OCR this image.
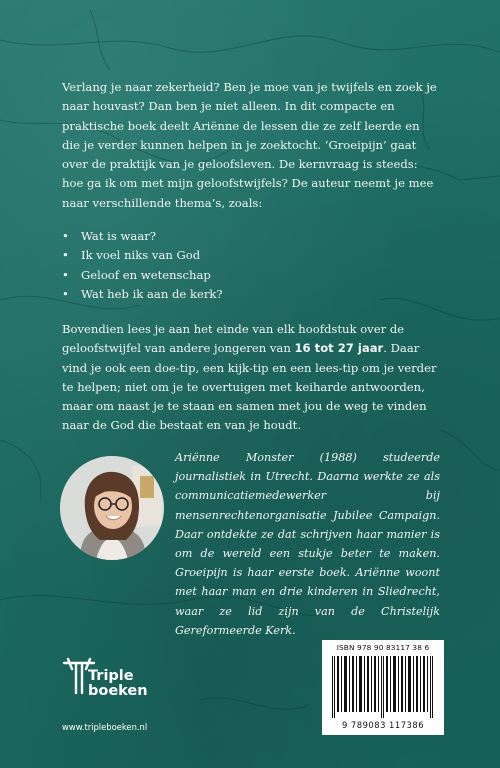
Verlang je naar zekerheid? Ben je moe van je twijfels en zoek je naar houvast? Dan ben je niet alleen. In dit compacte en praktische boek deelt Ariënne de lessen die ze zelf leerde en die je verder kunnen helpen in je zoektocht. ‘Groeipijn’ gaat over de praktijk van je geloofsleven. De kernvraag is steeds: hoe ga ik om met mijn geloofstwijfels? De auteur neemt je mee naar verschillende thema’s, zoals:

• Wat is waar?
• Ik voel niks van God
• Geloof en wetenschap
• Wat heb ik aan de kerk?

Bovendien lees je aan het einde van elk hoofdstuk over de geloofstwijfel van andere jongeren van 16 tot 27 jaar. Daar vind je ook een doe-tip, een kijk-tip en een lees-tip om je verder te helpen; niet om je te overtuigen met keiharde antwoorden, maar om naast je te staan en samen met jou de weg te vinden naar de God die bestaat en van je houdt.

Ariënne Monster (1988) studeerde journalistiek in Utrecht. Daarna werkte ze als communicatiemedewerker bij mensenrechtenorganisatie Jubilee Campaign. Daar ontdekte ze dat schrijven haar manier is om de wereld een stukje beter te maken. Groeipijn is haar eerste boek. Ariënne woont met haar man en drie kinderen in Sliedrecht, waar ze lid zijn van de Christelijk Gereformeerde Kerk.

ISBN 978 90 83117 38 6
9 789083 117386
Triple
boeken
www.tripleboeken.nl
